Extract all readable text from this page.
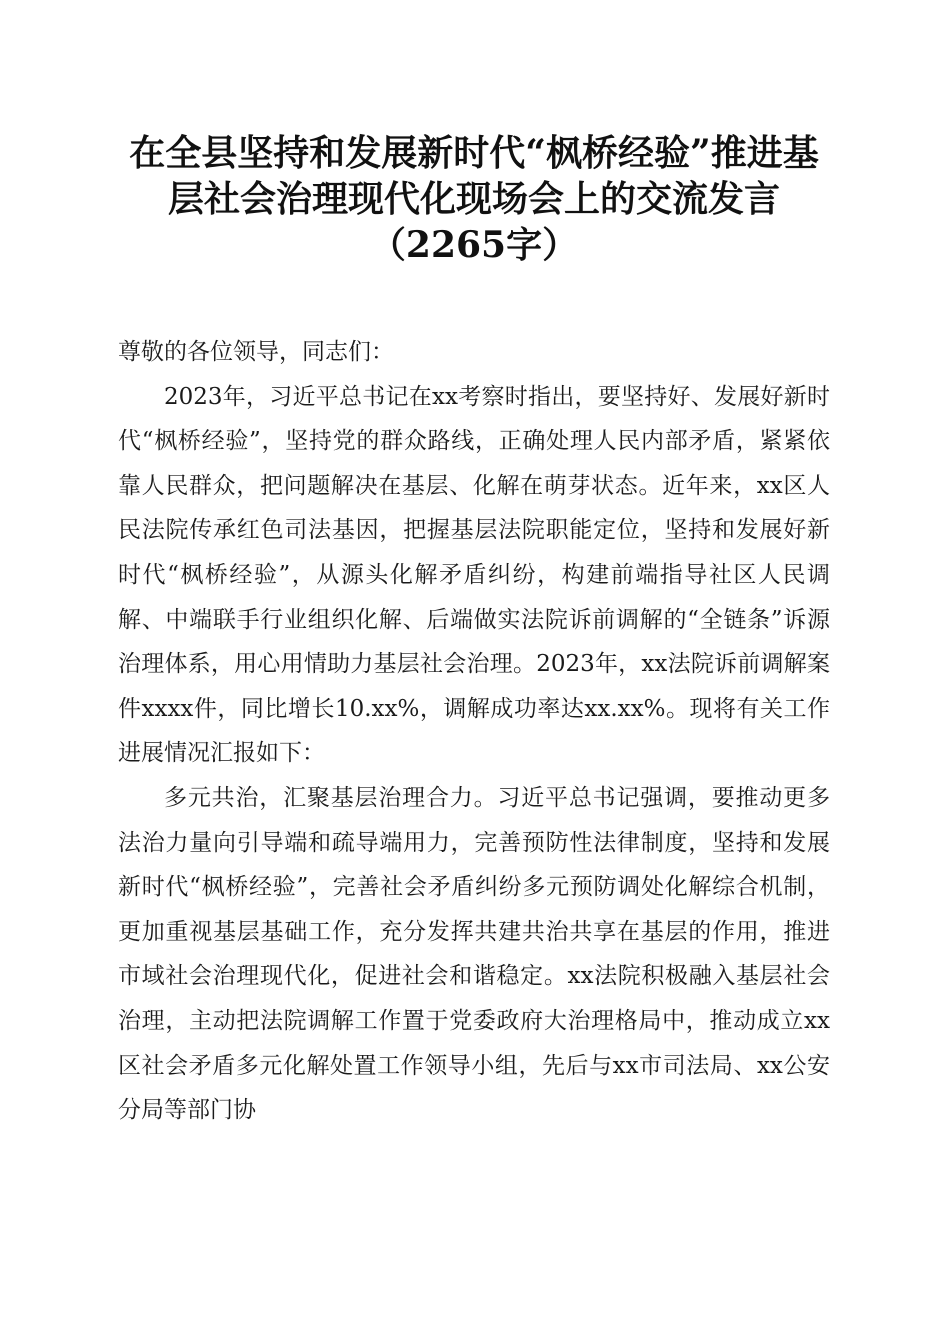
在全县坚持和发展新时代“枫桥经验”推进基层社会治理现代化现场会上的交流发言（2265字）

尊敬的各位领导，同志们：

2023年，习近平总书记在xx考察时指出，要坚持好、发展好新时代“枫桥经验”，坚持党的群众路线，正确处理人民内部矛盾，紧紧依靠人民群众，把问题解决在基层、化解在萌芽状态。近年来，xx区人民法院传承红色司法基因，把握基层法院职能定位，坚持和发展好新时代“枫桥经验”，从源头化解矛盾纠纷，构建前端指导社区人民调解、中端联手行业组织化解、后端做实法院诉前调解的“全链条”诉源治理体系，用心用情助力基层社会治理。2023年，xx法院诉前调解案件xxxx件，同比增长10.xx%，调解成功率达xx.xx%。现将有关工作进展情况汇报如下：

多元共治，汇聚基层治理合力。习近平总书记强调，要推动更多法治力量向引导端和疏导端用力，完善预防性法律制度，坚持和发展新时代“枫桥经验”，完善社会矛盾纠纷多元预防调处化解综合机制，更加重视基层基础工作，充分发挥共建共治共享在基层的作用，推进市域社会治理现代化，促进社会和谐稳定。xx法院积极融入基层社会治理，主动把法院调解工作置于党委政府大治理格局中，推动成立xx区社会矛盾多元化解处置工作领导小组，先后与xx市司法局、xx公安分局等部门协
